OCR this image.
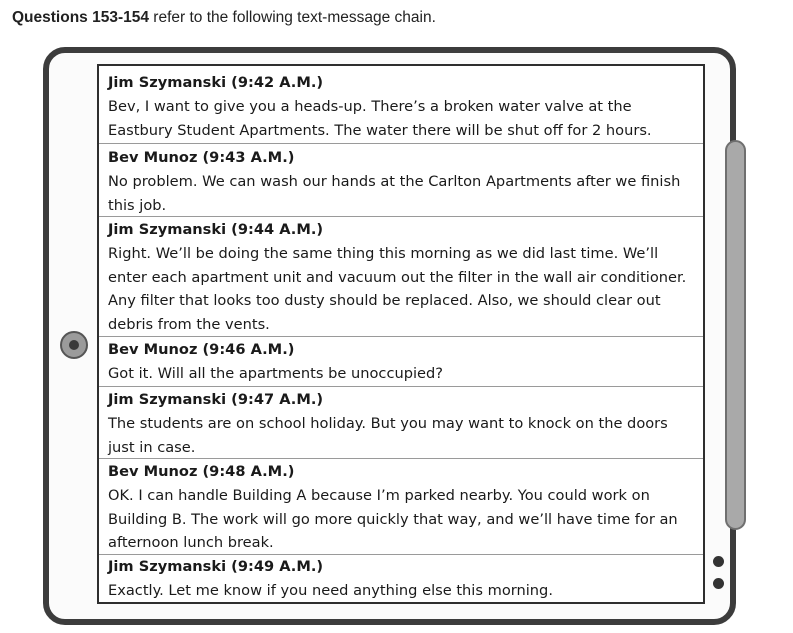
Questions 153-154 refer to the following text-message chain.
Jim Szymanski (9:42 A.M.)
Bev, I want to give you a heads-up. There’s a broken water valve at the Eastbury Student Apartments. The water there will be shut off for 2 hours.
Bev Munoz (9:43 A.M.)
No problem. We can wash our hands at the Carlton Apartments after we finish this job.
Jim Szymanski (9:44 A.M.)
Right. We’ll be doing the same thing this morning as we did last time. We’ll enter each apartment unit and vacuum out the filter in the wall air conditioner. Any filter that looks too dusty should be replaced. Also, we should clear out debris from the vents.
Bev Munoz (9:46 A.M.)
Got it. Will all the apartments be unoccupied?
Jim Szymanski (9:47 A.M.)
The students are on school holiday. But you may want to knock on the doors just in case.
Bev Munoz (9:48 A.M.)
OK. I can handle Building A because I’m parked nearby. You could work on Building B. The work will go more quickly that way, and we’ll have time for an afternoon lunch break.
Jim Szymanski (9:49 A.M.)
Exactly. Let me know if you need anything else this morning.
